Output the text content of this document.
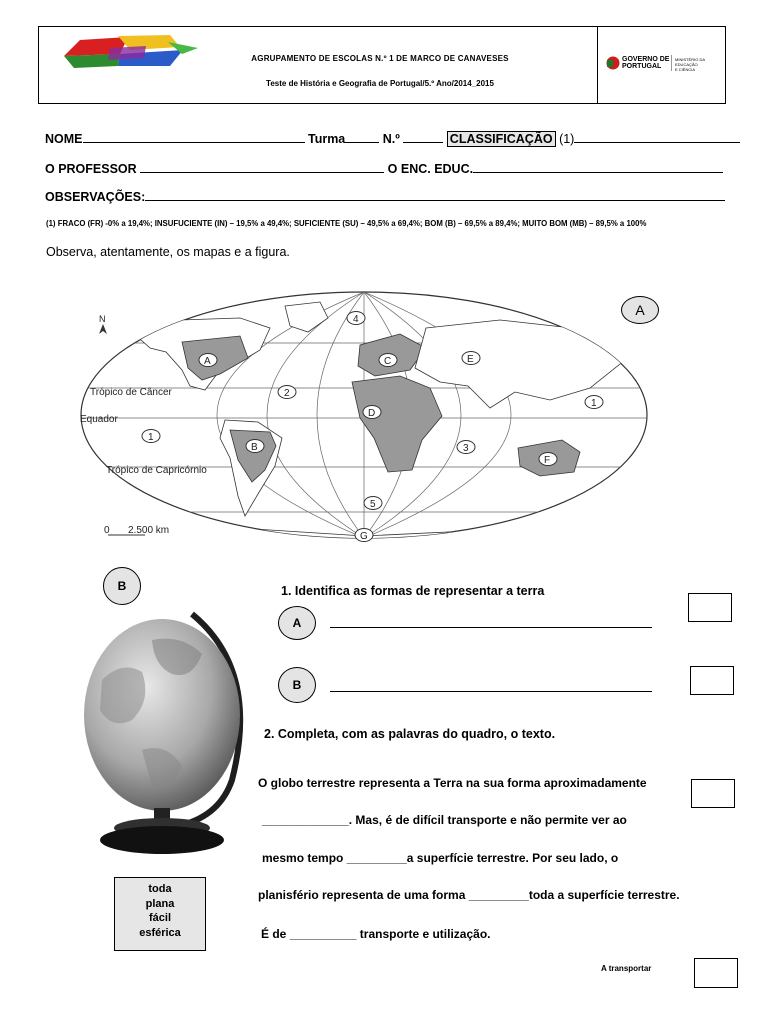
AGRUPAMENTO DE ESCOLAS N.º 1 DE MARCO DE CANAVESES
Teste de História e Geografia de Portugal/5.º Ano/2014_2015
GOVERNO DE
PORTUGAL
MINISTÉRIO DA EDUCAÇÃO
E CIÊNCIA
NOME	Turma	N.º	CLASSIFICAÇÃO (1)
O PROFESSOR	O ENC. EDUC.
OBSERVAÇÕES:
(1) FRACO (FR) -0% a 19,4%; INSUFUCIENTE (IN) – 19,5% a 49,4%; SUFICIENTE (SU) – 49,5% a 69,4%; BOM (B) – 69,5% a 89,4%; MUITO BOM (MB) – 89,5% a 100%
Observa, atentamente, os mapas e a figura.
N
Trópico de Câncer
Equador
Trópico de Capricórnio
0 2.500 km
A
B
C
D
E
F
G
1
1
2
3
4
5
A
B	1. Identifica as formas de representar a terra
A
B
2. Completa, com as palavras do quadro, o texto.
O globo terrestre representa a Terra na sua forma aproximadamente
_____________. Mas, é de difícil transporte e não permite ver ao
mesmo tempo _________a superfície terrestre. Por seu lado, o
planisfério representa de uma forma _________toda a superfície terrestre.
É de __________ transporte e utilização.
toda
plana
fácil
esférica
A transportar
